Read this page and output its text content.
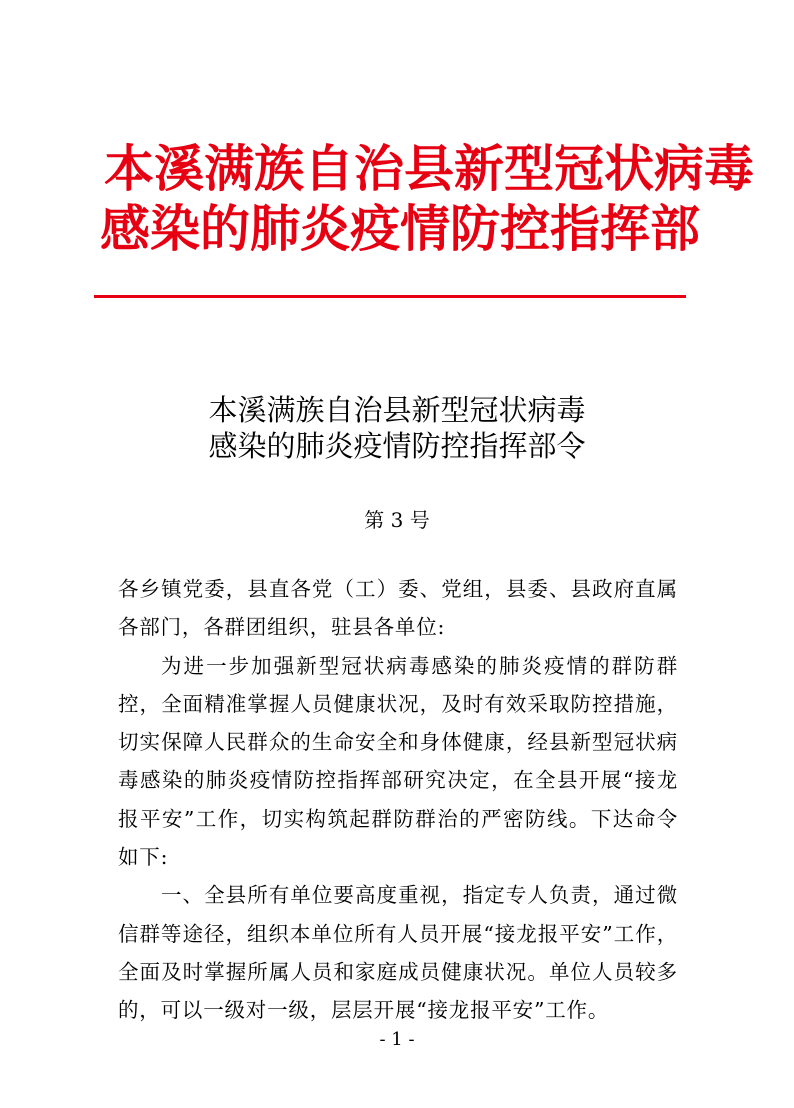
本溪满族自治县新型冠状病毒
感染的肺炎疫情防控指挥部
本溪满族自治县新型冠状病毒
感染的肺炎疫情防控指挥部令
第 3 号

各乡镇党委，县直各党（工）委、党组，县委、县政府直属各部门，各群团组织，驻县各单位:

为进一步加强新型冠状病毒感染的肺炎疫情的群防群控，全面精准掌握人员健康状况，及时有效采取防控措施，切实保障人民群众的生命安全和身体健康，经县新型冠状病毒感染的肺炎疫情防控指挥部研究决定，在全县开展“接龙报平安”工作，切实构筑起群防群治的严密防线。下达命令如下:

一、全县所有单位要高度重视，指定专人负责，通过微信群等途径，组织本单位所有人员开展“接龙报平安”工作，全面及时掌握所属人员和家庭成员健康状况。单位人员较多的，可以一级对一级，层层开展“接龙报平安”工作。

- 1 -
